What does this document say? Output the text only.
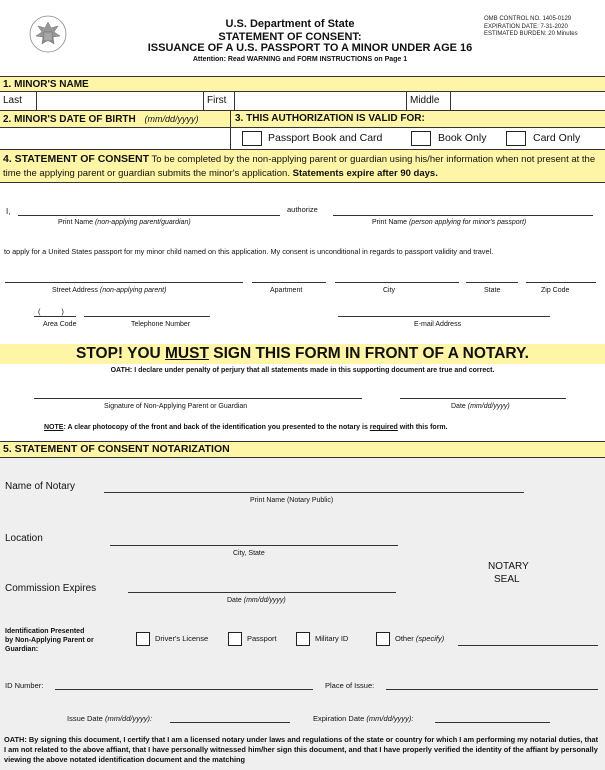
U.S. Department of State
STATEMENT OF CONSENT:
ISSUANCE OF A U.S. PASSPORT TO A MINOR UNDER AGE 16
Attention: Read WARNING and FORM INSTRUCTIONS on Page 1
OMB CONTROL NO. 1405-0129
EXPIRATION DATE: 7-31-2020
ESTIMATED BURDEN: 20 Minutes
1. MINOR'S NAME
Last	First	Middle
2. MINOR'S DATE OF BIRTH (mm/dd/yyyy)	3. THIS AUTHORIZATION IS VALID FOR:
Passport Book and Card	Book Only	Card Only
4. STATEMENT OF CONSENT To be completed by the non-applying parent or guardian using his/her information when not present at the time the applying parent or guardian submits the minor's application. Statements expire after 90 days.
I,	authorize
Print Name (non-applying parent/guardian)	Print Name (person applying for minor's passport)
to apply for a United States passport for my minor child named on this application. My consent is unconditional in regards to passport validity and travel.
Street Address (non-applying parent)	Apartment	City	State	Zip Code
(          )
Area Code	Telephone Number	E-mail Address
STOP! YOU MUST SIGN THIS FORM IN FRONT OF A NOTARY.
OATH: I declare under penalty of perjury that all statements made in this supporting document are true and correct.
Signature of Non-Applying Parent or Guardian	Date (mm/dd/yyyy)
NOTE: A clear photocopy of the front and back of the identification you presented to the notary is required with this form.
5. STATEMENT OF CONSENT NOTARIZATION
Name of Notary
Print Name (Notary Public)
Location
City, State
NOTARY
SEAL
Commission Expires
Date (mm/dd/yyyy)
Identification Presented
by Non-Applying Parent or
Guardian:
Driver's License	Passport	Military ID	Other (specify)
ID Number:	Place of Issue:
Issue Date (mm/dd/yyyy):	Expiration Date (mm/dd/yyyy):
OATH: By signing this document, I certify that I am a licensed notary under laws and regulations of the state or country for which I am performing my notarial duties, that I am not related to the above affiant, that I have personally witnessed him/her sign this document, and that I have properly verified the identity of the affiant by personally viewing the above notated identification document and the matching
